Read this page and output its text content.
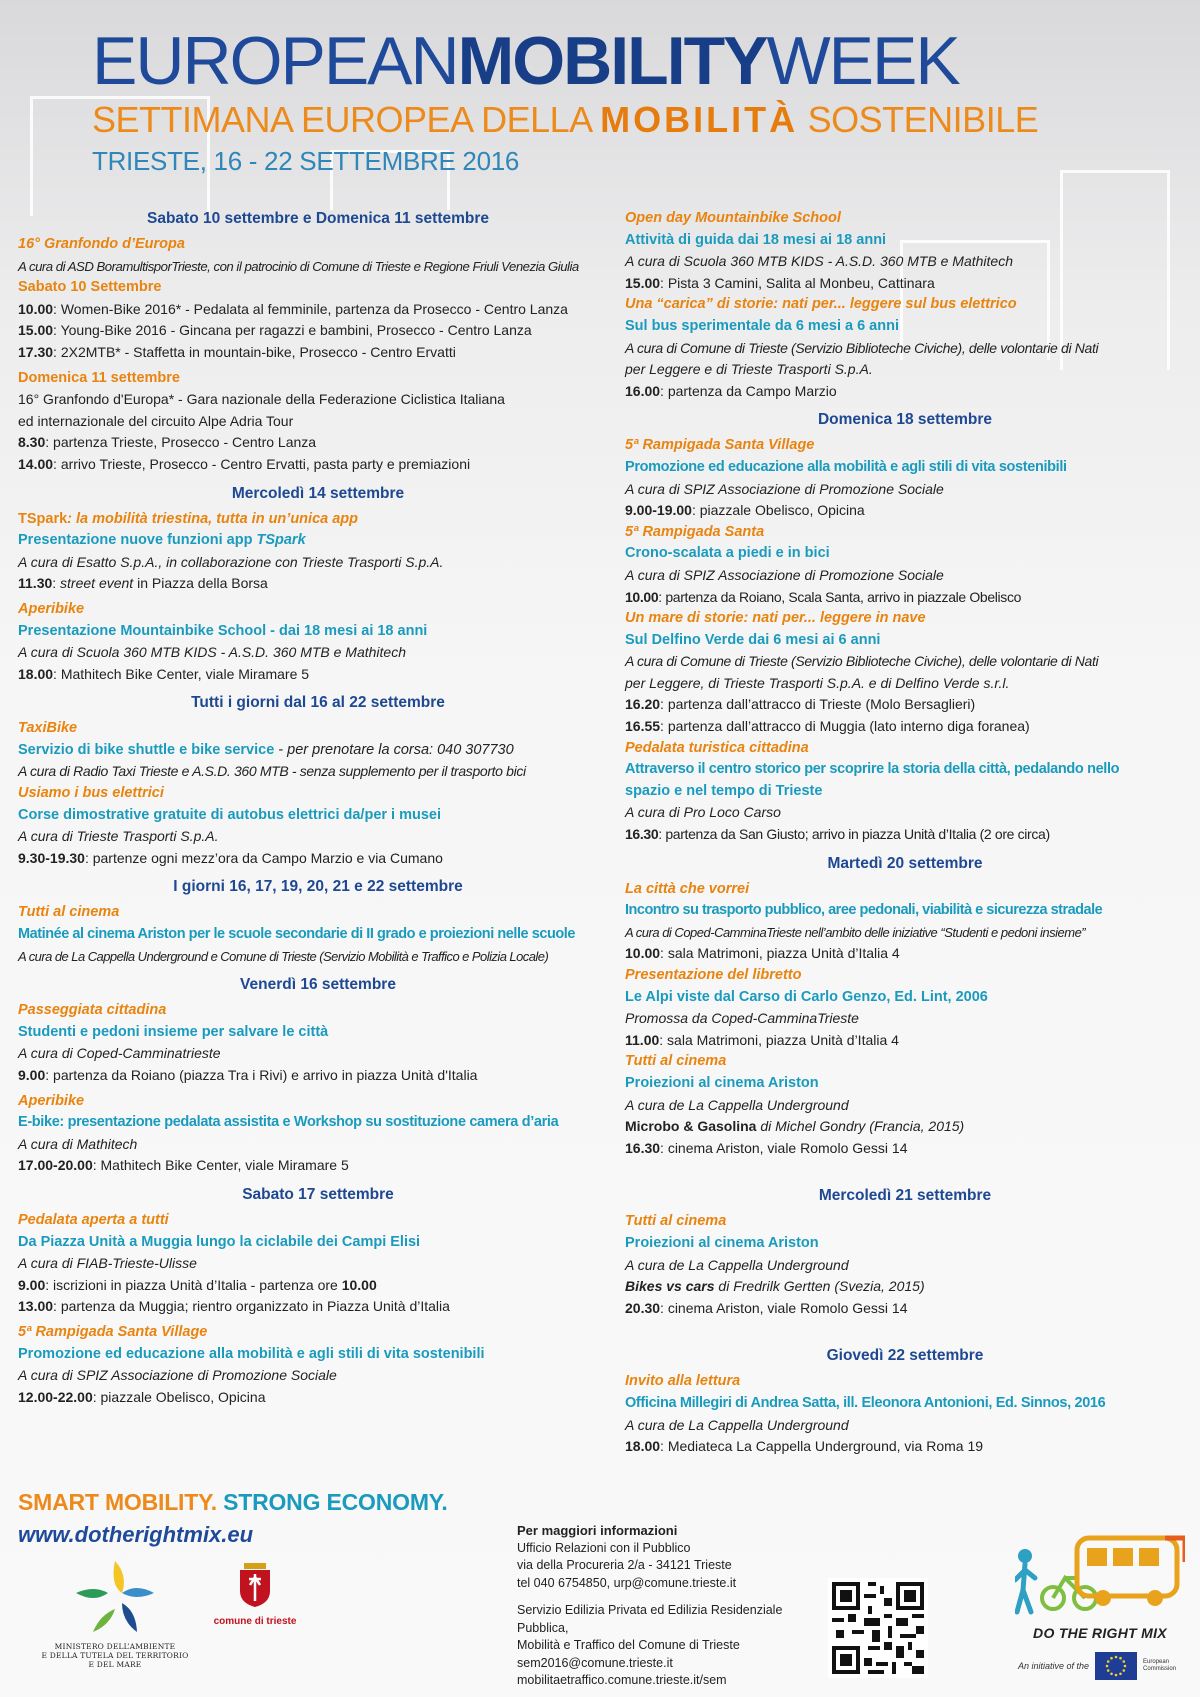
EUROPEANMOBILITYWEEK
SETTIMANA EUROPEA DELLA MOBILITÀ SOSTENIBILE
TRIESTE, 16 - 22 SETTEMBRE 2016
Sabato 10 settembre e Domenica 11 settembre
16° Granfondo d’Europa
A cura di ASD BoramultisporTrieste, con il patrocinio di Comune di Trieste e Regione Friuli Venezia Giulia
Sabato 10 Settembre
10.00: Women-Bike 2016* - Pedalata al femminile, partenza da Prosecco - Centro Lanza
15.00: Young-Bike 2016 - Gincana per ragazzi e bambini, Prosecco - Centro Lanza
17.30: 2X2MTB* - Staffetta in mountain-bike, Prosecco - Centro Ervatti
Domenica 11 settembre
16° Granfondo d'Europa* - Gara nazionale della Federazione Ciclistica Italiana
ed internazionale del circuito Alpe Adria Tour
8.30: partenza Trieste, Prosecco - Centro Lanza
14.00: arrivo Trieste, Prosecco - Centro Ervatti, pasta party e premiazioni
Mercoledì 14 settembre
TSpark: la mobilità triestina, tutta in un’unica app
Presentazione nuove funzioni app TSpark
A cura di Esatto S.p.A., in collaborazione con Trieste Trasporti S.p.A.
11.30: street event in Piazza della Borsa
Aperibike
Presentazione Mountainbike School - dai 18 mesi ai 18 anni
A cura di Scuola 360 MTB KIDS - A.S.D. 360 MTB e Mathitech
18.00: Mathitech Bike Center, viale Miramare 5
Tutti i giorni dal 16 al 22 settembre
TaxiBike
Servizio di bike shuttle e bike service - per prenotare la corsa: 040 307730
A cura di Radio Taxi Trieste e A.S.D. 360 MTB - senza supplemento per il trasporto bici
Usiamo i bus elettrici
Corse dimostrative gratuite di autobus elettrici da/per i musei
A cura di Trieste Trasporti S.p.A.
9.30-19.30: partenze ogni mezz’ora da Campo Marzio e via Cumano
I giorni 16, 17, 19, 20, 21 e 22 settembre
Tutti al cinema
Matinée al cinema Ariston per le scuole secondarie di II grado e proiezioni nelle scuole
A cura de La Cappella Underground e Comune di Trieste (Servizio Mobilità e Traffico e Polizia Locale)
Venerdì 16 settembre
Passeggiata cittadina
Studenti e pedoni insieme per salvare le città
A cura di Coped-Camminatrieste
9.00: partenza da Roiano (piazza Tra i Rivi) e arrivo in piazza Unità d'Italia
Aperibike
E-bike: presentazione pedalata assistita e Workshop su sostituzione camera d’aria
A cura di Mathitech
17.00-20.00: Mathitech Bike Center, viale Miramare 5
Sabato 17 settembre
Pedalata aperta a tutti
Da Piazza Unità a Muggia lungo la ciclabile dei Campi Elisi
A cura di FIAB-Trieste-Ulisse
9.00: iscrizioni in piazza Unità d’Italia - partenza ore 10.00
13.00: partenza da Muggia; rientro organizzato in Piazza Unità d’Italia
5ª Rampigada Santa Village
Promozione ed educazione alla mobilità e agli stili di vita sostenibili
A cura di SPIZ Associazione di Promozione Sociale
12.00-22.00: piazzale Obelisco, Opicina
Open day Mountainbike School
Attività di guida dai 18 mesi ai 18 anni
A cura di Scuola 360 MTB KIDS - A.S.D. 360 MTB e Mathitech
15.00: Pista 3 Camini, Salita al Monbeu, Cattinara
Una “carica” di storie: nati per... leggere sul bus elettrico
Sul bus sperimentale da 6 mesi a 6 anni
A cura di Comune di Trieste (Servizio Biblioteche Civiche), delle volontarie di Nati
per Leggere e di Trieste Trasporti S.p.A.
16.00: partenza da Campo Marzio
Domenica 18 settembre
5ª Rampigada Santa Village
Promozione ed educazione alla mobilità e agli stili di vita sostenibili
A cura di SPIZ Associazione di Promozione Sociale
9.00-19.00: piazzale Obelisco, Opicina
5ª Rampigada Santa
Crono-scalata a piedi e in bici
A cura di SPIZ Associazione di Promozione Sociale
10.00: partenza da Roiano, Scala Santa, arrivo in piazzale Obelisco
Un mare di storie: nati per... leggere in nave
Sul Delfino Verde dai 6 mesi ai 6 anni
A cura di Comune di Trieste (Servizio Biblioteche Civiche), delle volontarie di Nati
per Leggere, di Trieste Trasporti S.p.A. e di Delfino Verde s.r.l.
16.20: partenza dall’attracco di Trieste (Molo Bersaglieri)
16.55: partenza dall’attracco di Muggia (lato interno diga foranea)
Pedalata turistica cittadina
Attraverso il centro storico per scoprire la storia della città, pedalando nello
spazio e nel tempo di Trieste
A cura di Pro Loco Carso
16.30: partenza da San Giusto; arrivo in piazza Unità d’Italia (2 ore circa)
Martedì 20 settembre
La città che vorrei
Incontro su trasporto pubblico, aree pedonali, viabilità e sicurezza stradale
A cura di Coped-CamminaTrieste nell’ambito delle iniziative “Studenti e pedoni insieme”
10.00: sala Matrimoni, piazza Unità d’Italia 4
Presentazione del libretto
Le Alpi viste dal Carso di Carlo Genzo, Ed. Lint, 2006
Promossa da Coped-CamminaTrieste
11.00: sala Matrimoni, piazza Unità d’Italia 4
Tutti al cinema
Proiezioni al cinema Ariston
A cura de La Cappella Underground
Microbo & Gasolina di Michel Gondry (Francia, 2015)
16.30: cinema Ariston, viale Romolo Gessi 14
Mercoledì 21 settembre
Tutti al cinema
Proiezioni al cinema Ariston
A cura de La Cappella Underground
Bikes vs cars di Fredrilk Gertten (Svezia, 2015)
20.30: cinema Ariston, viale Romolo Gessi 14
Giovedì 22 settembre
Invito alla lettura
Officina Millegiri di Andrea Satta, ill. Eleonora Antonioni, Ed. Sinnos, 2016
A cura de La Cappella Underground
18.00: Mediateca La Cappella Underground, via Roma 19
SMART MOBILITY. STRONG ECONOMY.
www.dotherightmix.eu
MINISTERO DELL’AMBIENTE
E DELLA TUTELA DEL TERRITORIO E DEL MARE
comune di trieste
Per maggiori informazioni
Ufficio Relazioni con il Pubblico
via della Procureria 2/a - 34121 Trieste
tel 040 6754850, urp@comune.trieste.it
Servizio Edilizia Privata ed Edilizia Residenziale Pubblica,
Mobilità e Traffico del Comune di Trieste
sem2016@comune.trieste.it
mobilitaetraffico.comune.trieste.it/sem
DO THE RIGHT MIX
An initiative of the	European
Commission
